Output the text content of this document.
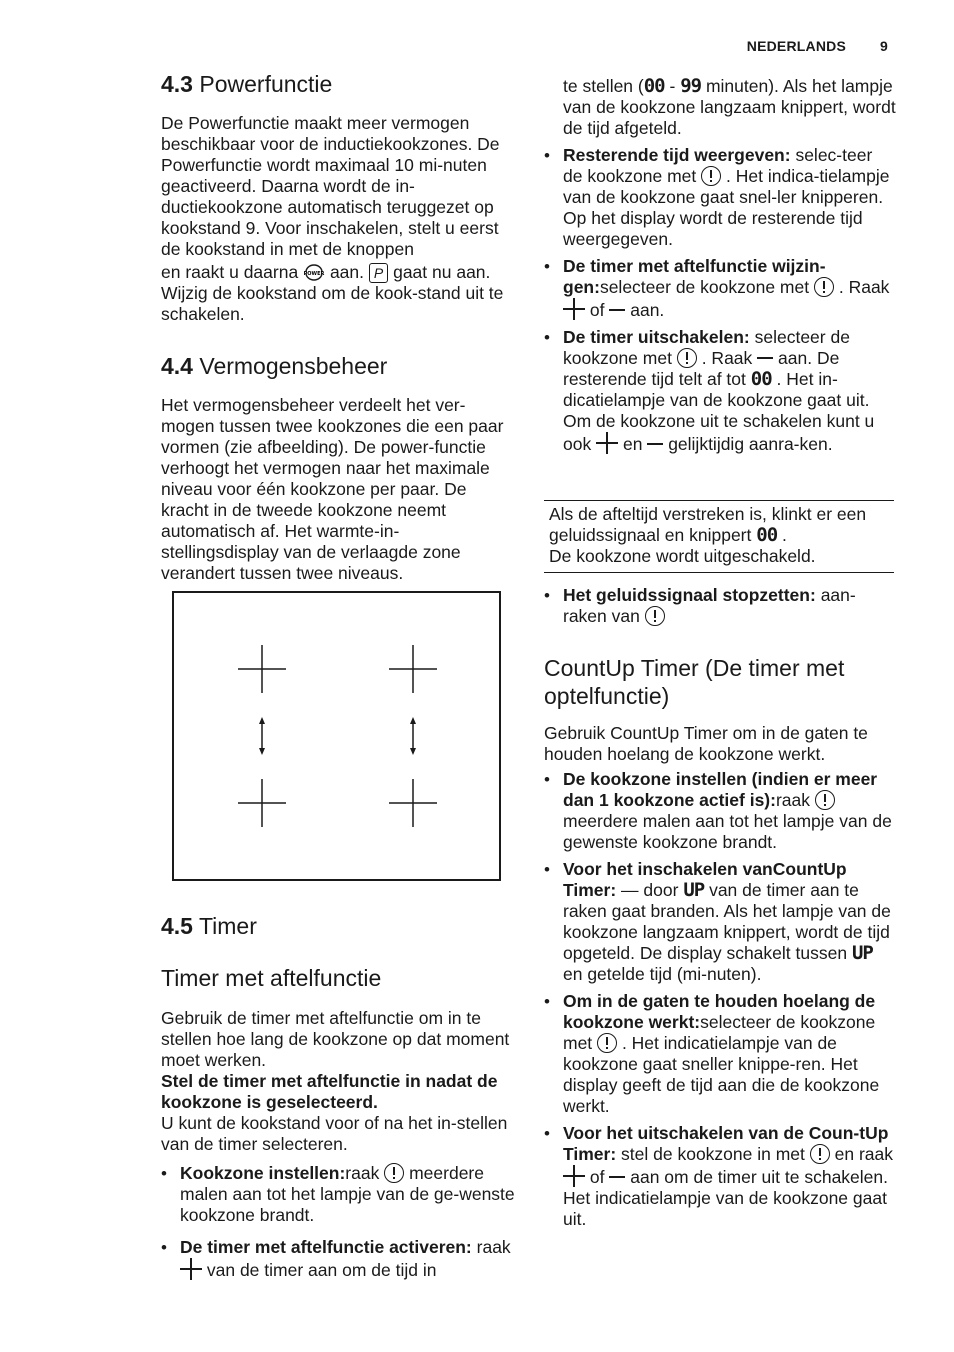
NEDERLANDS 9
4.3 Powerfunctie

De Powerfunctie maakt meer vermogen beschikbaar voor de inductiekookzones. De Powerfunctie wordt maximaal 10 mi-nuten geactiveerd. Daarna wordt de in-ductiekookzone automatisch teruggezet op kookstand 9. Voor inschakelen, stelt u eerst de kookstand in met de knoppen

en raakt u daarna POWER aan. P gaat nu aan. Wijzig de kookstand om de kook-stand uit te schakelen.

4.4 Vermogensbeheer

Het vermogensbeheer verdeelt het ver-mogen tussen twee kookzones die een paar vormen (zie afbeelding). De power-functie verhoogt het vermogen naar het maximale niveau voor één kookzone per paar. De kracht in de tweede kookzone neemt automatisch af. Het warmte-in-stellingsdisplay van de verlaagde zone verandert tussen twee niveaus.

4.5 Timer
Timer met aftelfunctie

Gebruik de timer met aftelfunctie om in te stellen hoe lang de kookzone op dat moment moet werken.

Stel de timer met aftelfunctie in nadat de kookzone is geselecteerd.

U kunt de kookstand voor of na het in-stellen van de timer selecteren.

• Kookzone instellen:raak meerdere malen aan tot het lampje van de ge-wenste kookzone brandt.
• De timer met aftelfunctie activeren: raak  van de timer aan om de tijd in
• te stellen (00 - 99 minuten). Als het lampje van de kookzone langzaam knippert, wordt de tijd afgeteld.
• Resterende tijd weergeven: selec-teer de kookzone met . Het indica-tielampje van de kookzone gaat snel-ler knipperen. Op het display wordt de resterende tijd weergegeven.
• De timer met aftelfunctie wijzin-gen:selecteer de kookzone met . Raak  of aan.
• De timer uitschakelen: selecteer de kookzone met . Raak aan. De resterende tijd telt af tot 00 . Het in-dicatielampje van de kookzone gaat uit. Om de kookzone uit te schakelen kunt u ook en gelijktijdig aanra-ken.

Als de afteltijd verstreken is, klinkt er een geluidssignaal en knippert 00 .

De kookzone wordt uitgeschakeld.

• Het geluidssignaal stopzetten: aan-raken van
CountUp Timer (De timer met optelfunctie)

Gebruik CountUp Timer om in de gaten te houden hoelang de kookzone werkt.

• De kookzone instellen (indien er meer dan 1 kookzone actief is):raak  meerdere malen aan tot het lampje van de gewenste kookzone brandt.
• Voor het inschakelen vanCountUp Timer: — door UP van de timer aan te raken gaat branden. Als het lampje van de kookzone langzaam knippert, wordt de tijd opgeteld. De display schakelt tussen UP en getelde tijd (mi-nuten).
• Om in de gaten te houden hoelang de kookzone werkt:selecteer de kookzone met . Het indicatielampje van de kookzone gaat sneller knippe-ren. Het display geeft de tijd aan die de kookzone werkt.
• Voor het uitschakelen van de Coun-tUp Timer: stel de kookzone in met en raak  of aan om de timer uit te schakelen. Het indicatielampje van de kookzone gaat uit.
